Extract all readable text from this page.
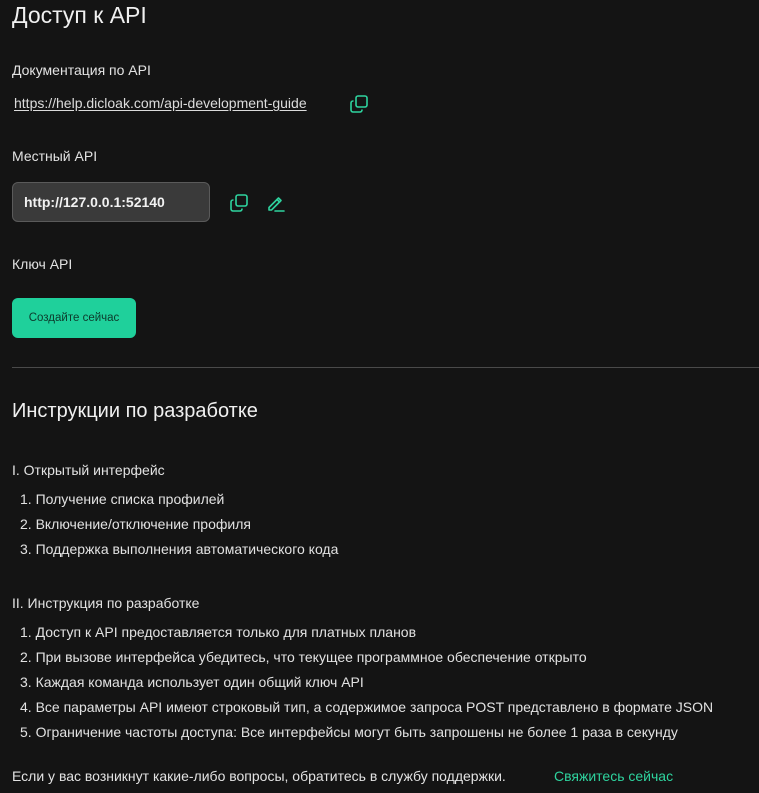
Доступ к API
Документация по API
https://help.dicloak.com/api-development-guide
Местный API
http://127.0.0.1:52140
Ключ API
Создайте сейчас
Инструкции по разработке
I. Открытый интерфейс
1. Получение списка профилей
2. Включение/отключение профиля
3. Поддержка выполнения автоматического кода
II. Инструкция по разработке
1. Доступ к API предоставляется только для платных планов
2. При вызове интерфейса убедитесь, что текущее программное обеспечение открыто
3. Каждая команда использует один общий ключ API
4. Все параметры API имеют строковый тип, а содержимое запроса POST представлено в формате JSON
5. Ограничение частоты доступа: Все интерфейсы могут быть запрошены не более 1 раза в секунду
Если у вас возникнут какие-либо вопросы, обратитесь в службу поддержки.	Свяжитесь сейчас
